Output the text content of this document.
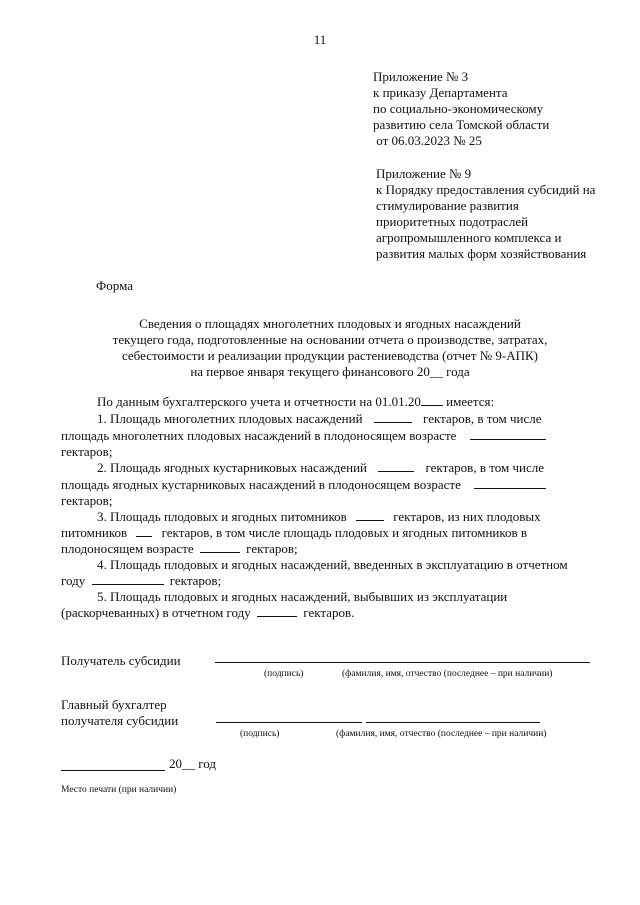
11
Приложение № 3
к приказу Департамента
по социально-экономическому
развитию села Томской области
от 06.03.2023 № 25
Приложение № 9
к Порядку предоставления субсидий на
стимулирование развития
приоритетных подотраслей
агропромышленного комплекса и
развития малых форм хозяйствования
Форма
Сведения о площадях многолетних плодовых и ягодных насаждений
текущего года, подготовленные на основании отчета о производстве, затратах,
себестоимости и реализации продукции растениеводства (отчет № 9-АПК)
на первое января текущего финансового 20__ года
По данным бухгалтерского учета и отчетности на 01.01.20 имеется:
1. Площадь многолетних плодовых насаждений	гектаров, в том числе
площадь многолетних плодовых насаждений в плодоносящем возрасте
гектаров;
2. Площадь ягодных кустарниковых насаждений	гектаров, в том числе
площадь ягодных кустарниковых насаждений в плодоносящем возрасте
гектаров;
3. Площадь плодовых и ягодных питомников	гектаров, из них плодовых
питомников	гектаров, в том числе площадь плодовых и ягодных питомников в
плодоносящем возрасте	гектаров;
4. Площадь плодовых и ягодных насаждений, введенных в эксплуатацию в отчетном
году	гектаров;
5. Площадь плодовых и ягодных насаждений, выбывших из эксплуатации
(раскорчеванных) в отчетном году	гектаров.
Получатель субсидии
(подпись)	(фамилия, имя, отчество (последнее – при наличии)
Главный бухгалтер
получателя субсидии
(подпись)	(фамилия, имя, отчество (последнее – при наличии)
20__ год
Место печати (при наличии)
